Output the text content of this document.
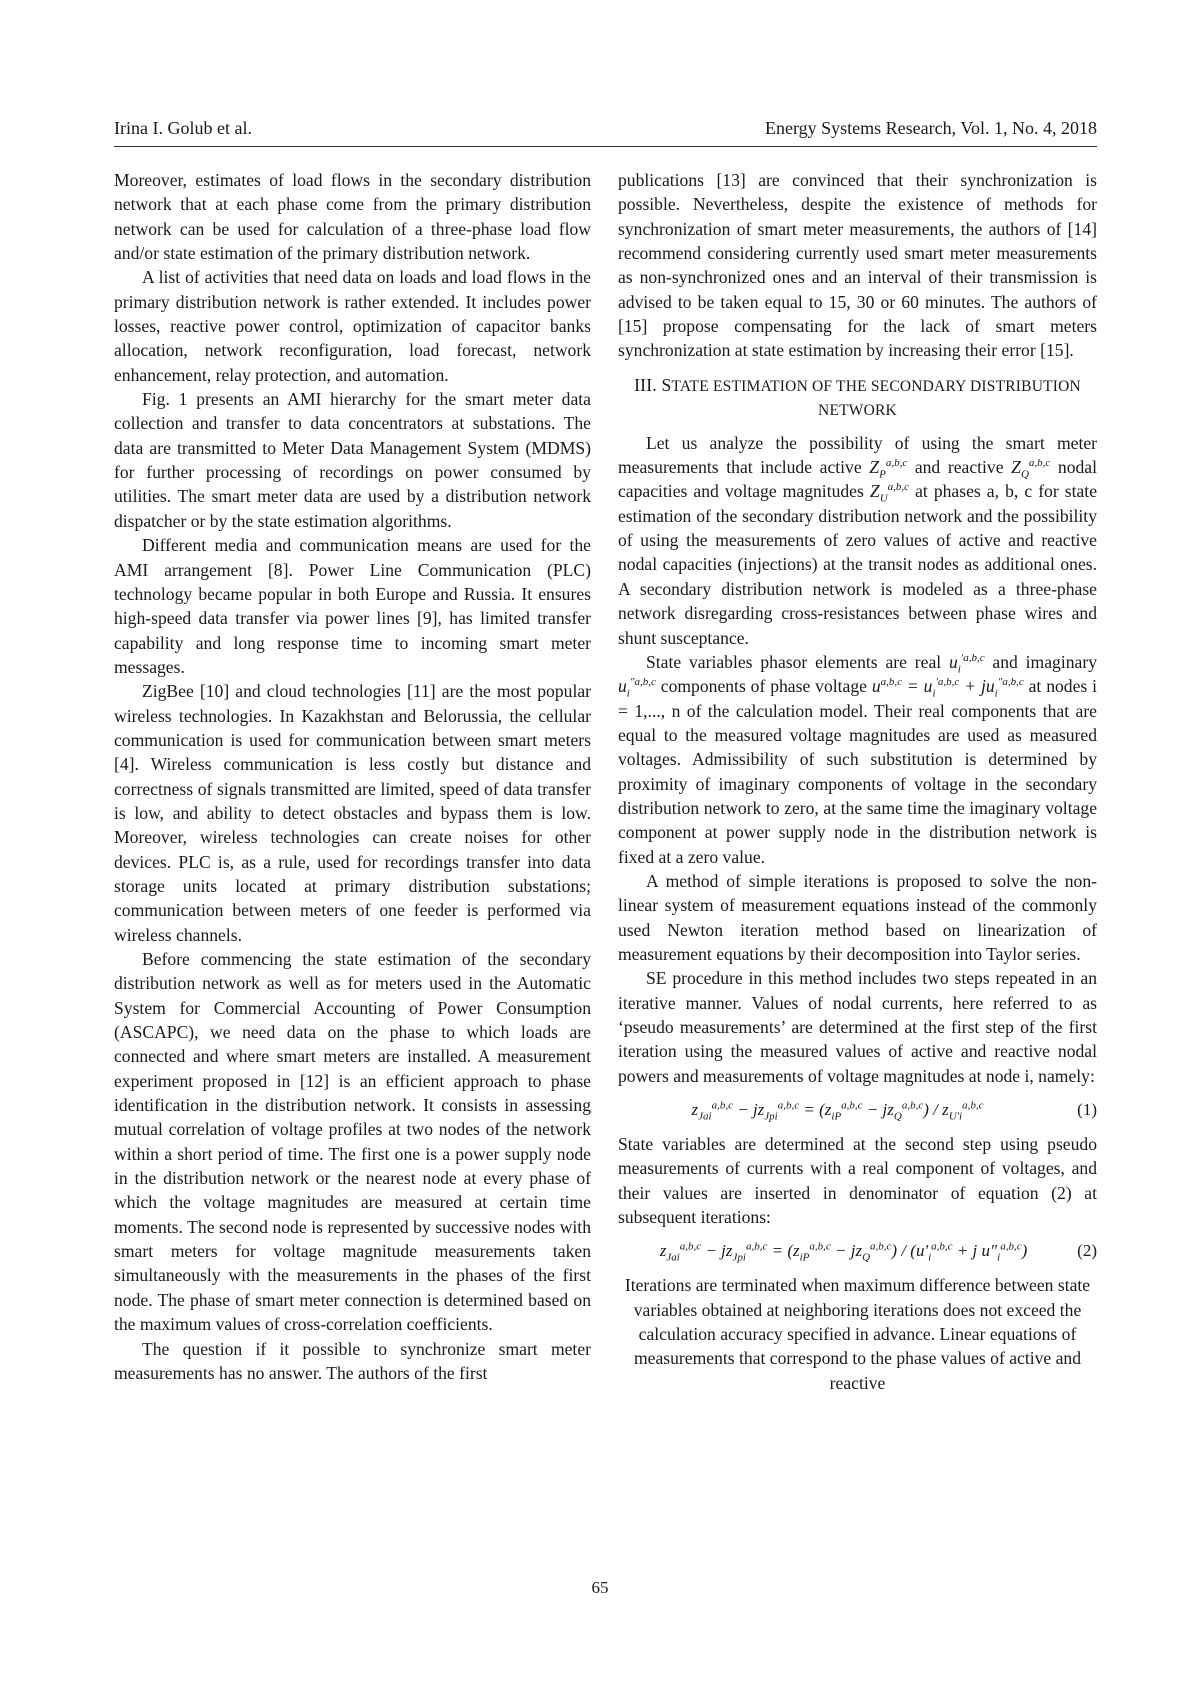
Irina I. Golub et al.	Energy Systems Research, Vol. 1, No. 4, 2018

Moreover, estimates of load flows in the secondary distribution network that at each phase come from the primary distribution network can be used for calculation of a three-phase load flow and/or state estimation of the primary distribution network.

A list of activities that need data on loads and load flows in the primary distribution network is rather extended. It includes power losses, reactive power control, optimization of capacitor banks allocation, network reconfiguration, load forecast, network enhancement, relay protection, and automation.

Fig. 1 presents an AMI hierarchy for the smart meter data collection and transfer to data concentrators at substations. The data are transmitted to Meter Data Management System (MDMS) for further processing of recordings on power consumed by utilities. The smart meter data are used by a distribution network dispatcher or by the state estimation algorithms.

Different media and communication means are used for the AMI arrangement [8]. Power Line Communication (PLC) technology became popular in both Europe and Russia. It ensures high-speed data transfer via power lines [9], has limited transfer capability and long response time to incoming smart meter messages.

ZigBee [10] and cloud technologies [11] are the most popular wireless technologies. In Kazakhstan and Belorussia, the cellular communication is used for communication between smart meters [4]. Wireless communication is less costly but distance and correctness of signals transmitted are limited, speed of data transfer is low, and ability to detect obstacles and bypass them is low. Moreover, wireless technologies can create noises for other devices. PLC is, as a rule, used for recordings transfer into data storage units located at primary distribution substations; communication between meters of one feeder is performed via wireless channels.

Before commencing the state estimation of the secondary distribution network as well as for meters used in the Automatic System for Commercial Accounting of Power Consumption (ASCAPC), we need data on the phase to which loads are connected and where smart meters are installed. A measurement experiment proposed in [12] is an efficient approach to phase identification in the distribution network. It consists in assessing mutual correlation of voltage profiles at two nodes of the network within a short period of time. The first one is a power supply node in the distribution network or the nearest node at every phase of which the voltage magnitudes are measured at certain time moments. The second node is represented by successive nodes with smart meters for voltage magnitude measurements taken simultaneously with the measurements in the phases of the first node. The phase of smart meter connection is determined based on the maximum values of cross-correlation coefficients.

The question if it possible to synchronize smart meter measurements has no answer. The authors of the first

publications [13] are convinced that their synchronization is possible. Nevertheless, despite the existence of methods for synchronization of smart meter measurements, the authors of [14] recommend considering currently used smart meter measurements as non-synchronized ones and an interval of their transmission is advised to be taken equal to 15, 30 or 60 minutes. The authors of [15] propose compensating for the lack of smart meters synchronization at state estimation by increasing their error [15].

III. STATE ESTIMATION OF THE SECONDARY DISTRIBUTION
NETWORK

Let us analyze the possibility of using the smart meter measurements that include active $Z_P^{a,b,c}$ and reactive $Z_Q^{a,b,c}$ nodal capacities and voltage magnitudes $Z_U^{a,b,c}$ at phases a, b, c for state estimation of the secondary distribution network and the possibility of using the measurements of zero values of active and reactive nodal capacities (injections) at the transit nodes as additional ones. A secondary distribution network is modeled as a three-phase network disregarding cross-resistances between phase wires and shunt susceptance.

State variables phasor elements are real $u_i^{'a,b,c}$ and imaginary $u_i^{"a,b,c}$ components of phase voltage $u^{a,b,c} = u_i^{'a,b,c} + ju_i^{"a,b,c}$ at nodes i = 1,..., n of the calculation model. Their real components that are equal to the measured voltage magnitudes are used as measured voltages. Admissibility of such substitution is determined by proximity of imaginary components of voltage in the secondary distribution network to zero, at the same time the imaginary voltage component at power supply node in the distribution network is fixed at a zero value.

A method of simple iterations is proposed to solve the non-linear system of measurement equations instead of the commonly used Newton iteration method based on linearization of measurement equations by their decomposition into Taylor series.

SE procedure in this method includes two steps repeated in an iterative manner. Values of nodal currents, here referred to as ‘pseudo measurements’ are determined at the first step of the first iteration using the measured values of active and reactive nodal powers and measurements of voltage magnitudes at node i, namely:

$z_{Jai}^{a,b,c} - jz_{Jpi}^{a,b,c} = (z_{iP}^{a,b,c} - jz_Q^{a,b,c}) / z_{U'i}^{a,b,c}$	(1)

State variables are determined at the second step using pseudo measurements of currents with a real component of voltages, and their values are inserted in denominator of equation (2) at subsequent iterations:

$z_{Jai}^{a,b,c} - jz_{Jpi}^{a,b,c} = (z_{iP}^{a,b,c} - jz_Q^{a,b,c}) / (u'_i^{a,b,c} + j$ $u"_i^{a,b,c}$)	(2)

Iterations are terminated when maximum difference between state variables obtained at neighboring iterations does not exceed the calculation accuracy specified in advance. Linear equations of measurements that correspond to the phase values of active and reactive

65
